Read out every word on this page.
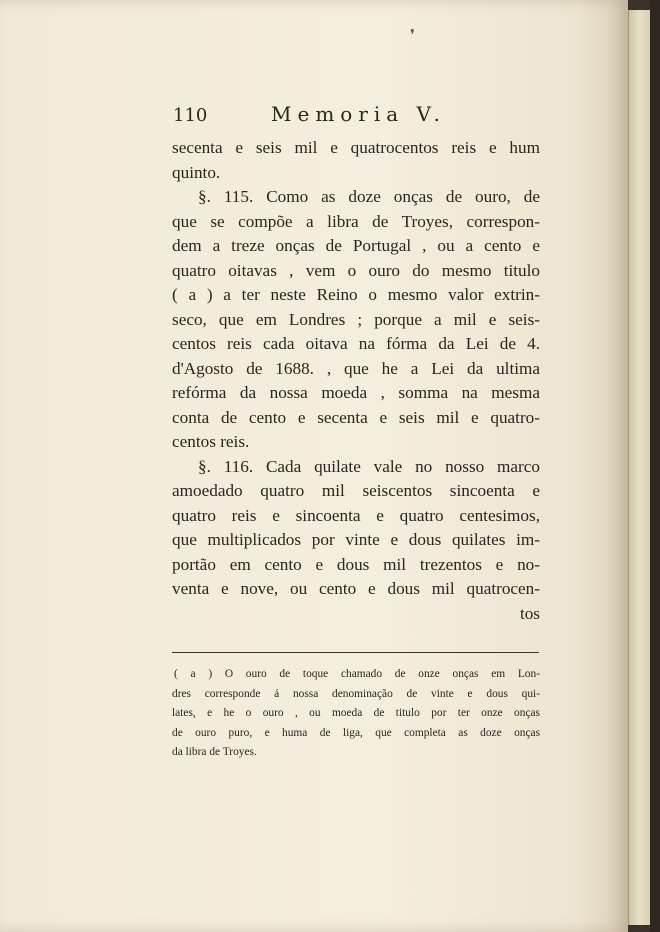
❜
110	Memoria V.
secenta e seis mil e quatrocentos reis e hum
quinto.
§. 115. Como as doze onças de ouro, de
que se compõe a libra de Troyes, correspon-
dem a treze onças de Portugal , ou a cento e
quatro oitavas , vem o ouro do mesmo titulo
( a ) a ter neste Reino o mesmo valor extrin-
seco, que em Londres ; porque a mil e seis-
centos reis cada oitava na fórma da Lei de 4.
d'Agosto de 1688. , que he a Lei da ultima
refórma da nossa moeda , somma na mesma
conta de cento e secenta e seis mil e quatro-
centos reis.
§. 116. Cada quilate vale no nosso marco
amoedado quatro mil seiscentos sincoenta e
quatro reis e sincoenta e quatro centesimos,
que multiplicados por vinte e dous quilates im-
portão em cento e dous mil trezentos e no-
venta e nove, ou cento e dous mil quatrocen-
tos
( a ) O ouro de toque chamado de onze onças em Lon-
dres corresponde á nossa denominação de vinte e dous qui-
lates, e he o ouro , ou moeda de titulo por ter onze onças
de ouro puro, e huma de liga, que completa as doze onças
da libra de Troyes.
